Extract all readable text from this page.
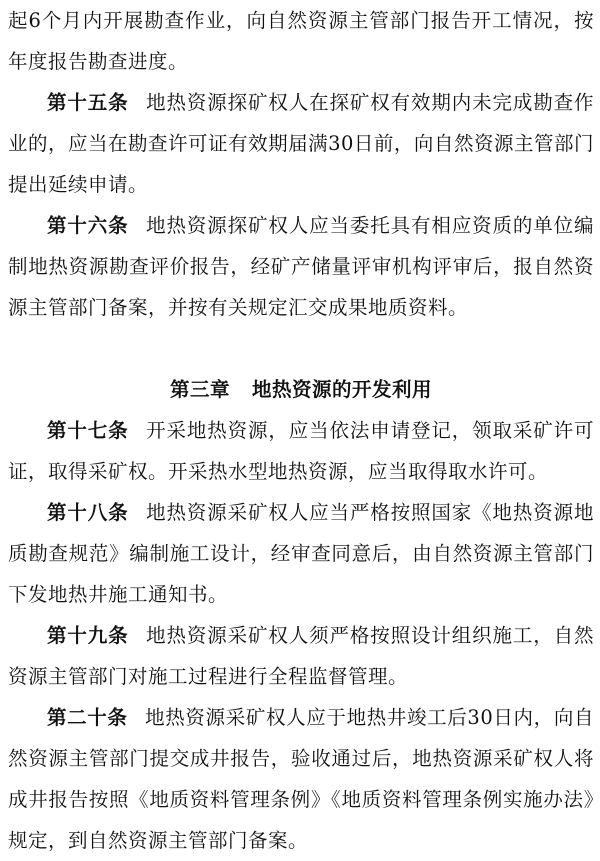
起6个月内开展勘查作业，向自然资源主管部门报告开工情况，按年度报告勘查进度。

第十五条 地热资源探矿权人在探矿权有效期内未完成勘查作业的，应当在勘查许可证有效期届满30日前，向自然资源主管部门提出延续申请。

第十六条 地热资源探矿权人应当委托具有相应资质的单位编制地热资源勘查评价报告，经矿产储量评审机构评审后，报自然资源主管部门备案，并按有关规定汇交成果地质资料。

第三章 地热资源的开发利用

第十七条 开采地热资源，应当依法申请登记，领取采矿许可证，取得采矿权。开采热水型地热资源，应当取得取水许可。

第十八条 地热资源采矿权人应当严格按照国家《地热资源地质勘查规范》编制施工设计，经审查同意后，由自然资源主管部门下发地热井施工通知书。

第十九条 地热资源采矿权人须严格按照设计组织施工，自然资源主管部门对施工过程进行全程监督管理。

第二十条 地热资源采矿权人应于地热井竣工后30日内，向自然资源主管部门提交成井报告，验收通过后，地热资源采矿权人将成井报告按照《地质资料管理条例》《地质资料管理条例实施办法》规定，到自然资源主管部门备案。
